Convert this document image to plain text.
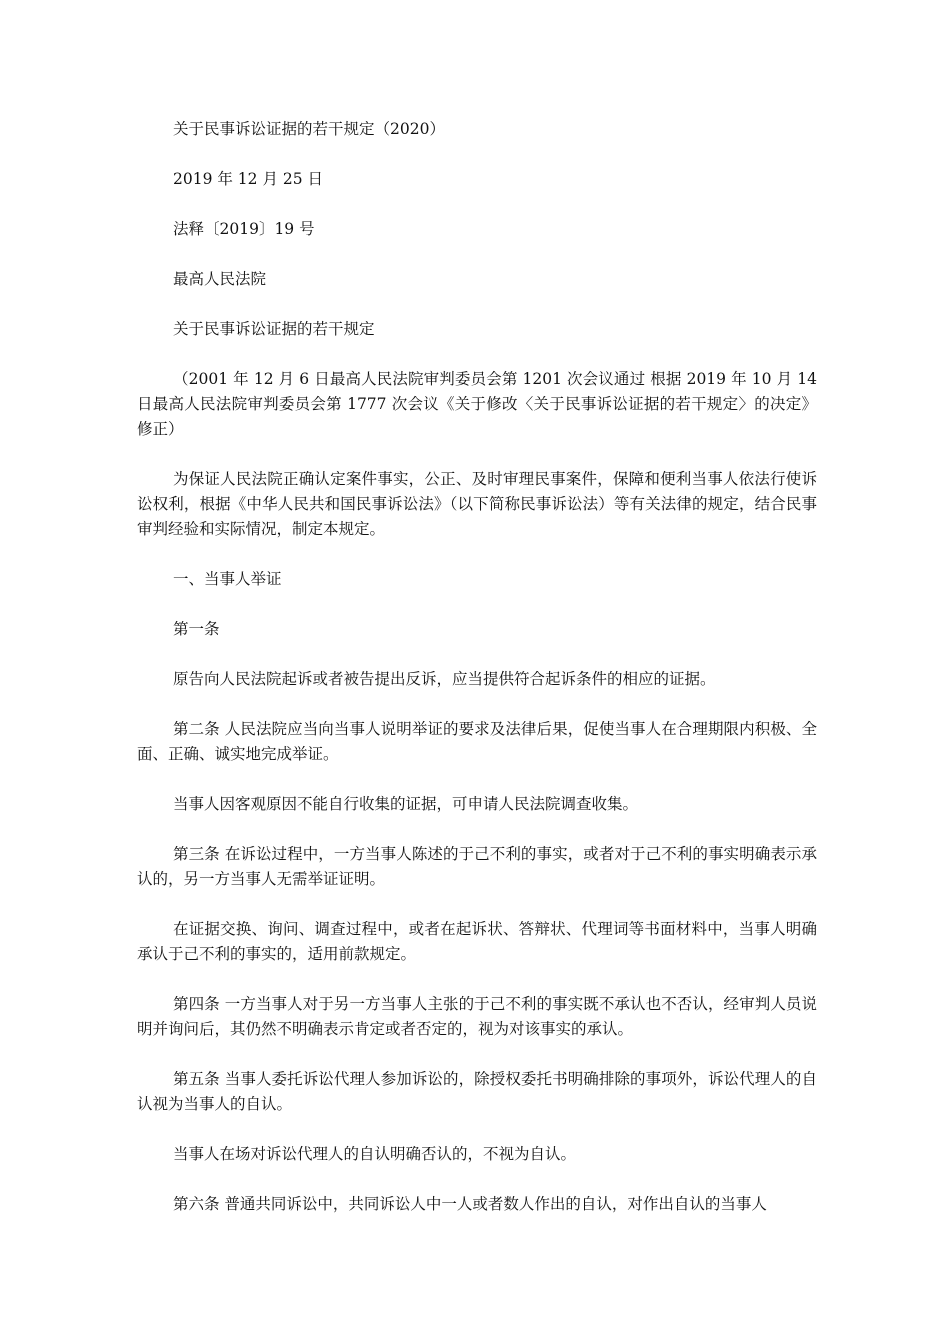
关于民事诉讼证据的若干规定（2020）

2019 年 12 月 25 日

法释〔2019〕19 号

最高人民法院

关于民事诉讼证据的若干规定

（2001 年 12 月 6 日最高人民法院审判委员会第 1201 次会议通过 根据 2019 年 10 月 14 日最高人民法院审判委员会第 1777 次会议《关于修改〈关于民事诉讼证据的若干规定〉的决定》修正）

为保证人民法院正确认定案件事实，公正、及时审理民事案件，保障和便利当事人依法行使诉讼权利，根据《中华人民共和国民事诉讼法》（以下简称民事诉讼法）等有关法律的规定，结合民事审判经验和实际情况，制定本规定。

一、当事人举证

第一条

原告向人民法院起诉或者被告提出反诉，应当提供符合起诉条件的相应的证据。

第二条 人民法院应当向当事人说明举证的要求及法律后果，促使当事人在合理期限内积极、全面、正确、诚实地完成举证。

当事人因客观原因不能自行收集的证据，可申请人民法院调查收集。

第三条 在诉讼过程中，一方当事人陈述的于己不利的事实，或者对于己不利的事实明确表示承认的，另一方当事人无需举证证明。

在证据交换、询问、调查过程中，或者在起诉状、答辩状、代理词等书面材料中，当事人明确承认于己不利的事实的，适用前款规定。

第四条 一方当事人对于另一方当事人主张的于己不利的事实既不承认也不否认，经审判人员说明并询问后，其仍然不明确表示肯定或者否定的，视为对该事实的承认。

第五条 当事人委托诉讼代理人参加诉讼的，除授权委托书明确排除的事项外，诉讼代理人的自认视为当事人的自认。

当事人在场对诉讼代理人的自认明确否认的，不视为自认。

第六条 普通共同诉讼中，共同诉讼人中一人或者数人作出的自认，对作出自认的当事人
